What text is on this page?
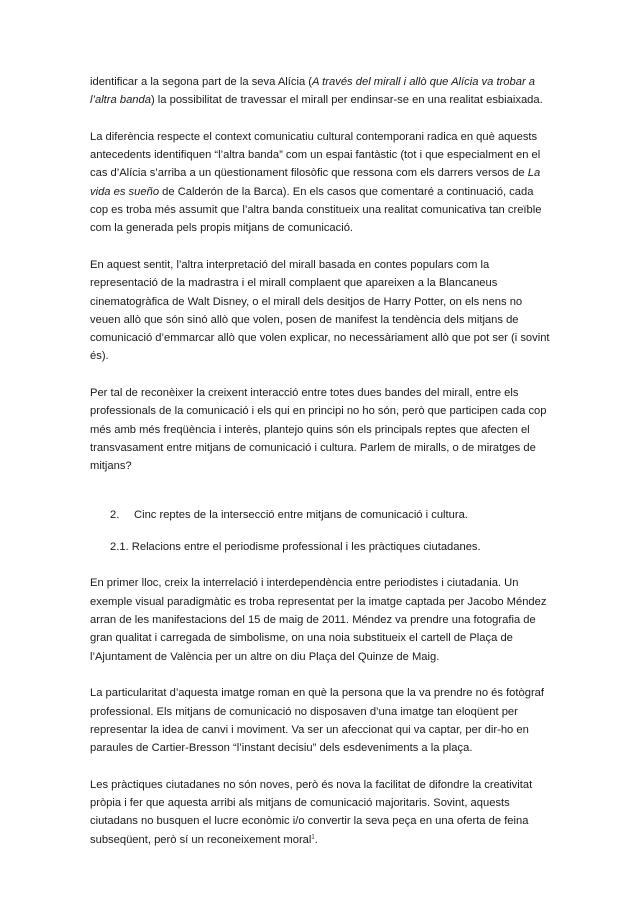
identificar a la segona part de la seva Alícia (A través del mirall i allò que Alícia va trobar a l’altra banda) la possibilitat de travessar el mirall per endinsar-se en una realitat esbiaixada.

La diferència respecte el context comunicatiu cultural contemporani radica en què aquests antecedents identifiquen “l’altra banda” com un espai fantàstic (tot i que especialment en el cas d’Alícia s’arriba a un qüestionament filosòfic que ressona com els darrers versos de La vida es sueño de Calderón de la Barca). En els casos que comentaré a continuació, cada cop es troba més assumit que l’altra banda constitueix una realitat comunicativa tan creïble com la generada pels propis mitjans de comunicació.

En aquest sentit, l’altra interpretació del mirall basada en contes populars com la representació de la madrastra i el mirall complaent que apareixen a la Blancaneus cinematogràfica de Walt Disney, o el mirall dels desitjos de Harry Potter, on els nens no veuen allò que són sinó allò que volen, posen de manifest la tendència dels mitjans de comunicació d’emmarcar allò que volen explicar, no necessàriament allò que pot ser (i sovint és).

Per tal de reconèixer la creixent interacció entre totes dues bandes del mirall, entre els professionals de la comunicació i els qui en principi no ho són, però que participen cada cop més amb més freqüència i interès, plantejo quins són els principals reptes que afecten el transvasament entre mitjans de comunicació i cultura. Parlem de miralls, o de miratges de mitjans?

2. Cinc reptes de la intersecció entre mitjans de comunicació i cultura.
2.1. Relacions entre el periodisme professional i les pràctiques ciutadanes.

En primer lloc, creix la interrelació i interdependència entre periodistes i ciutadania. Un exemple visual paradigmàtic es troba representat per la imatge captada per Jacobo Méndez arran de les manifestacions del 15 de maig de 2011. Méndez va prendre una fotografia de gran qualitat i carregada de simbolisme, on una noia substitueix el cartell de Plaça de l’Ajuntament de València per un altre on diu Plaça del Quinze de Maig.

La particularitat d’aquesta imatge roman en què la persona que la va prendre no és fotògraf professional. Els mitjans de comunicació no disposaven d’una imatge tan eloqüent per representar la idea de canvi i moviment. Va ser un afeccionat qui va captar, per dir-ho en paraules de Cartier-Bresson “l’instant decisiu” dels esdeveniments a la plaça.

Les pràctiques ciutadanes no són noves, però és nova la facilitat de difondre la creativitat pròpia i fer que aquesta arribi als mitjans de comunicació majoritaris. Sovint, aquests ciutadans no busquen el lucre econòmic i/o convertir la seva peça en una oferta de feina subseqüent, però sí un reconeixement moral$^1$.
